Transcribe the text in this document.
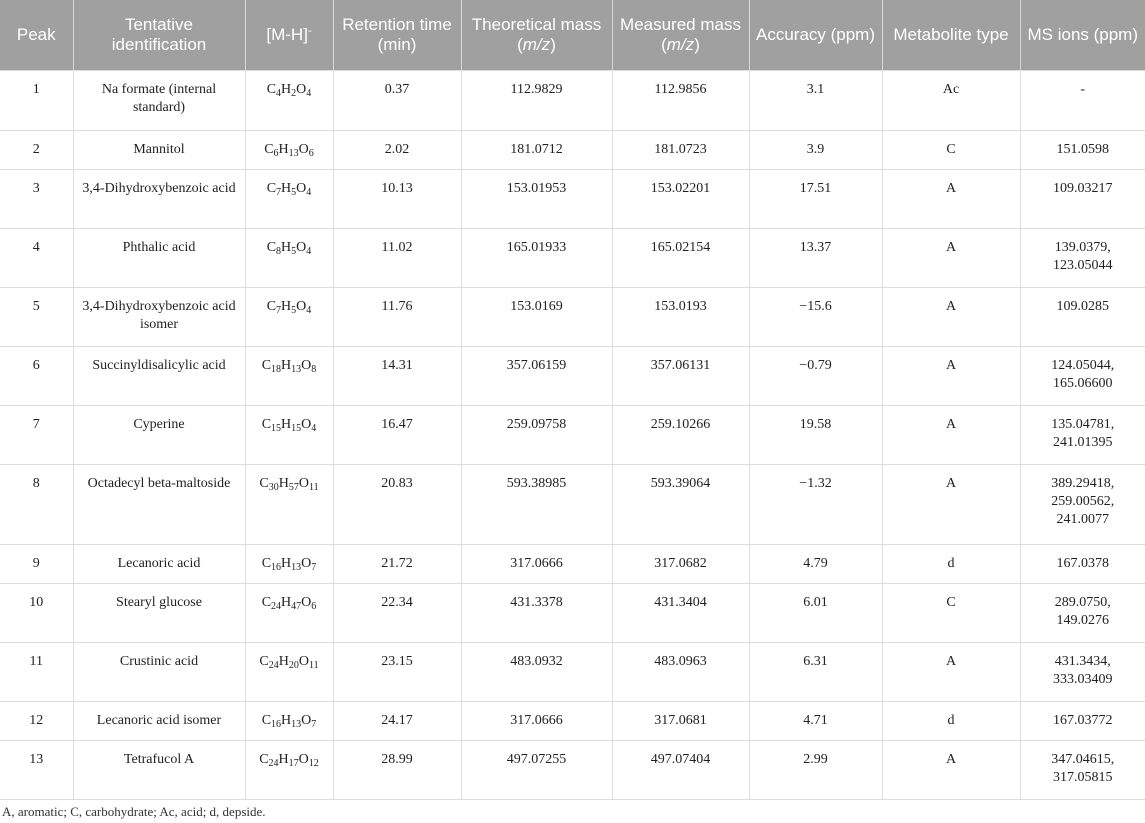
Peak	Tentative identification	[M-H]-	Retention time (min)	Theoretical mass (m/z)	Measured mass (m/z)	Accuracy (ppm)	Metabolite type	MS ions (ppm)
1	Na formate (internal standard)	$C_4H_2O_4$	0.37	112.9829	112.9856	3.1	Ac	-

2	Mannitol	$C_6H_{13}O_6$	2.02	181.0712	181.0723	3.9	C	151.0598

3	3,4-Dihydroxybenzoic acid	$C_7H_5O_4$	10.13	153.01953	153.02201	17.51	A	109.03217

4	Phthalic acid	$C_8H_5O_4$	11.02	165.01933	165.02154	13.37	A	139.0379,
123.05044

5	3,4-Dihydroxybenzoic acid isomer	$C_7H_5O_4$	11.76	153.0169	153.0193	−15.6	A	109.0285

6	Succinyldisalicylic acid	$C_{18}H_{13}O_8$	14.31	357.06159	357.06131	−0.79	A	124.05044,
165.06600

7	Cyperine	$C_{15}H_{15}O_4$	16.47	259.09758	259.10266	19.58	A	135.04781,
241.01395

8	Octadecyl beta-maltoside	$C_{30}H_{57}O_{11}$	20.83	593.38985	593.39064	−1.32	A	389.29418,
259.00562,
241.0077

9	Lecanoric acid	$C_{16}H_{13}O_7$	21.72	317.0666	317.0682	4.79	d	167.0378

10	Stearyl glucose	$C_{24}H_{47}O_6$	22.34	431.3378	431.3404	6.01	C	289.0750,
149.0276

11	Crustinic acid	$C_{24}H_{20}O_{11}$	23.15	483.0932	483.0963	6.31	A	431.3434,
333.03409

12	Lecanoric acid isomer	$C_{16}H_{13}O_7$	24.17	317.0666	317.0681	4.71	d	167.03772

13	Tetrafucol A	$C_{24}H_{17}O_{12}$	28.99	497.07255	497.07404	2.99	A	347.04615,
317.05815
A, aromatic; C, carbohydrate; Ac, acid; d, depside.
